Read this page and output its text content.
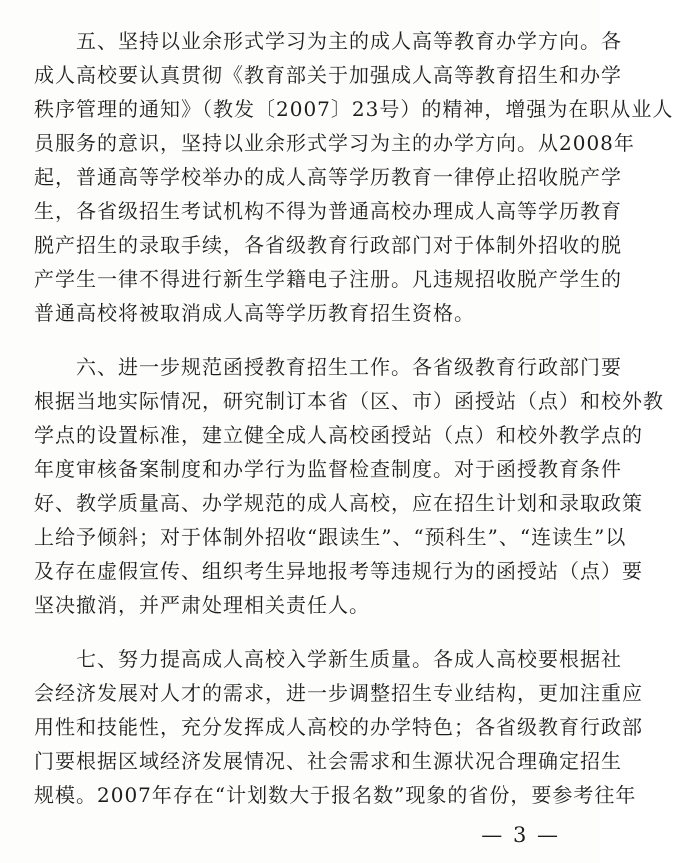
　　五、坚持以业余形式学习为主的成人高等教育办学方向。各
成人高校要认真贯彻《教育部关于加强成人高等教育招生和办学
秩序管理的通知》（教发〔2007〕23号）的精神，增强为在职从业人
员服务的意识，坚持以业余形式学习为主的办学方向。从2008年
起，普通高等学校举办的成人高等学历教育一律停止招收脱产学
生，各省级招生考试机构不得为普通高校办理成人高等学历教育
脱产招生的录取手续，各省级教育行政部门对于体制外招收的脱
产学生一律不得进行新生学籍电子注册。凡违规招收脱产学生的
普通高校将被取消成人高等学历教育招生资格。
　　六、进一步规范函授教育招生工作。各省级教育行政部门要
根据当地实际情况，研究制订本省（区、市）函授站（点）和校外教
学点的设置标准，建立健全成人高校函授站（点）和校外教学点的
年度审核备案制度和办学行为监督检查制度。对于函授教育条件
好、教学质量高、办学规范的成人高校，应在招生计划和录取政策
上给予倾斜；对于体制外招收“跟读生”、“预科生”、“连读生”以
及存在虚假宣传、组织考生异地报考等违规行为的函授站（点）要
坚决撤消，并严肃处理相关责任人。
　　七、努力提高成人高校入学新生质量。各成人高校要根据社
会经济发展对人才的需求，进一步调整招生专业结构，更加注重应
用性和技能性，充分发挥成人高校的办学特色；各省级教育行政部
门要根据区域经济发展情况、社会需求和生源状况合理确定招生
规模。2007年存在“计划数大于报名数”现象的省份，要参考往年
— 3 —
